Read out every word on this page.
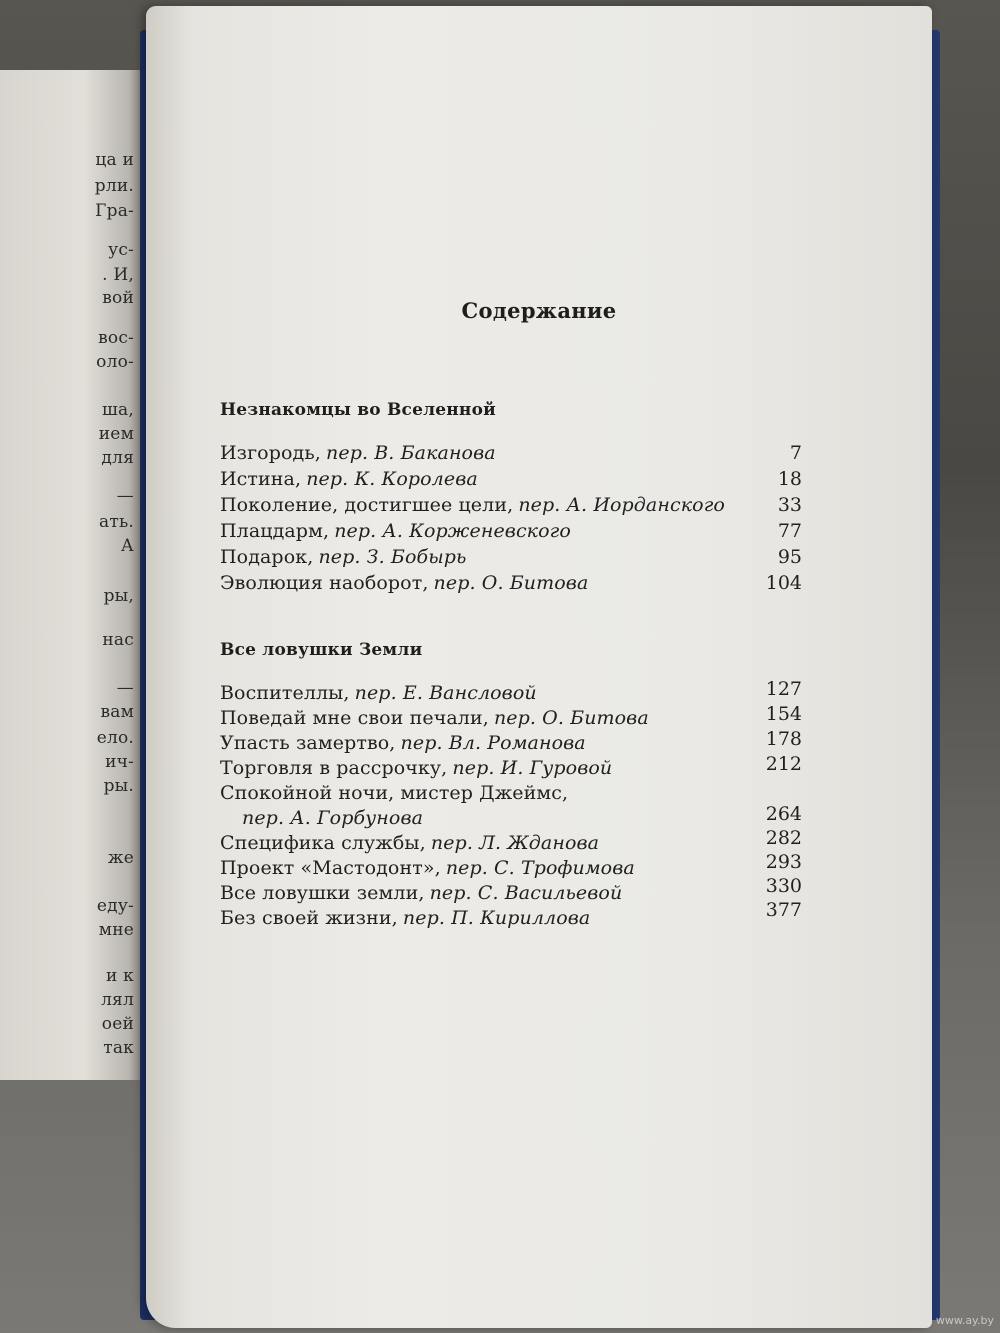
ца и
рли.
Гра-
ус-
. И,
вой
вос-
оло-
ша,
ием
для
—
ать.
А
ры,
нас
—
вам
ело.
ич-
ры.
же
еду-
мне
и к
лял
оей
так
Содержание
Незнакомцы во Вселенной
Изгородь, пер. В. Баканова	7
Истина, пер. К. Королева	18
Поколение, достигшее цели, пер. А. Иорданского	33
Плацдарм, пер. А. Корженевского	77
Подарок, пер. З. Бобырь	95
Эволюция наоборот, пер. О. Битова	104
Все ловушки Земли
Воспителлы, пер. Е. Вансловой	127
Поведай мне свои печали, пер. О. Битова	154
Упасть замертво, пер. Вл. Романова	178
Торговля в рассрочку, пер. И. Гуровой	212
Спокойной ночи, мистер Джеймс,
пер. А. Горбунова	264
Специфика службы, пер. Л. Жданова	282
Проект «Мастодонт», пер. С. Трофимова	293
Все ловушки земли, пер. С. Васильевой	330
Без своей жизни, пер. П. Кириллова	377
www.ay.by
